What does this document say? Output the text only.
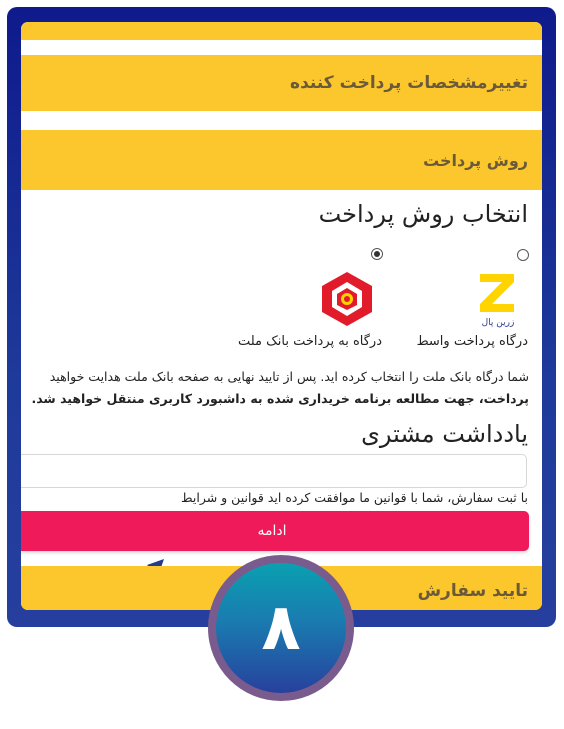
تغییرمشخصات پرداخت کننده
روش پرداخت
انتخاب روش پرداخت
زرین پال
درگاه پرداخت واسط
درگاه به پرداخت بانک ملت
شما درگاه بانک ملت را انتخاب کرده اید. پس از تایید نهایی به صفحه بانک ملت هدایت خواهید
پرداخت، جهت مطالعه برنامه خریداری شده به داشبورد کاربری منتقل خواهید شد.
یادداشت مشتری
با ثبت سفارش، شما با قوانین ما موافقت کرده اید قوانین و شرایط
ادامه
تایید سفارش
۸
